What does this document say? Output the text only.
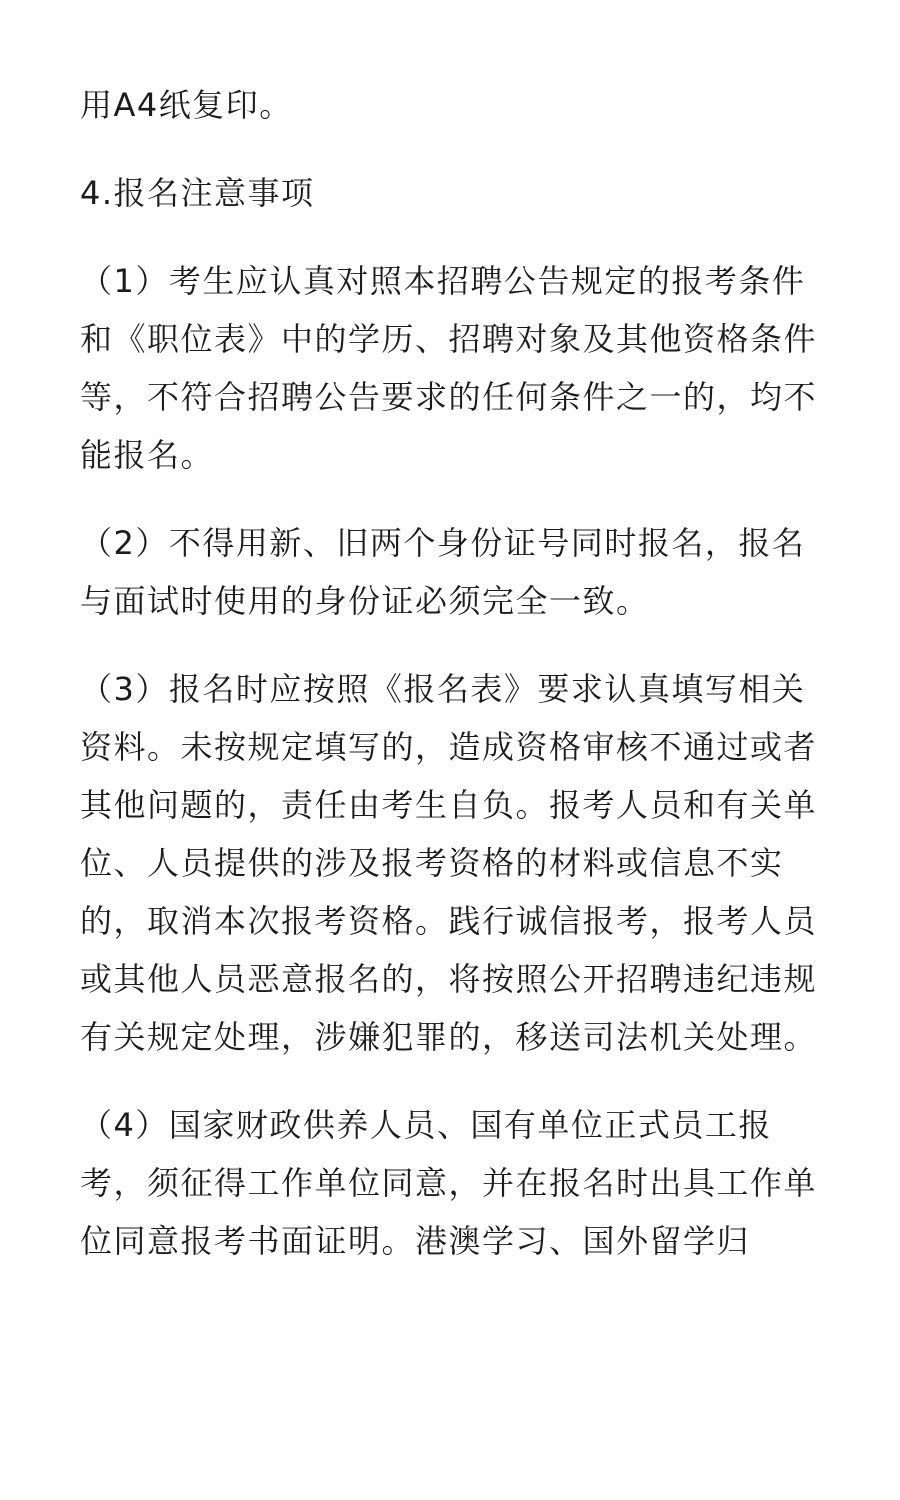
用A4纸复印。

4.报名注意事项

（1）考生应认真对照本招聘公告规定的报考条件和《职位表》中的学历、招聘对象及其他资格条件等，不符合招聘公告要求的任何条件之一的，均不能报名。

（2）不得用新、旧两个身份证号同时报名，报名与面试时使用的身份证必须完全一致。

（3）报名时应按照《报名表》要求认真填写相关资料。未按规定填写的，造成资格审核不通过或者其他问题的，责任由考生自负。报考人员和有关单位、人员提供的涉及报考资格的材料或信息不实的，取消本次报考资格。践行诚信报考，报考人员或其他人员恶意报名的，将按照公开招聘违纪违规有关规定处理，涉嫌犯罪的，移送司法机关处理。

（4）国家财政供养人员、国有单位正式员工报考，须征得工作单位同意，并在报名时出具工作单位同意报考书面证明。港澳学习、国外留学归
